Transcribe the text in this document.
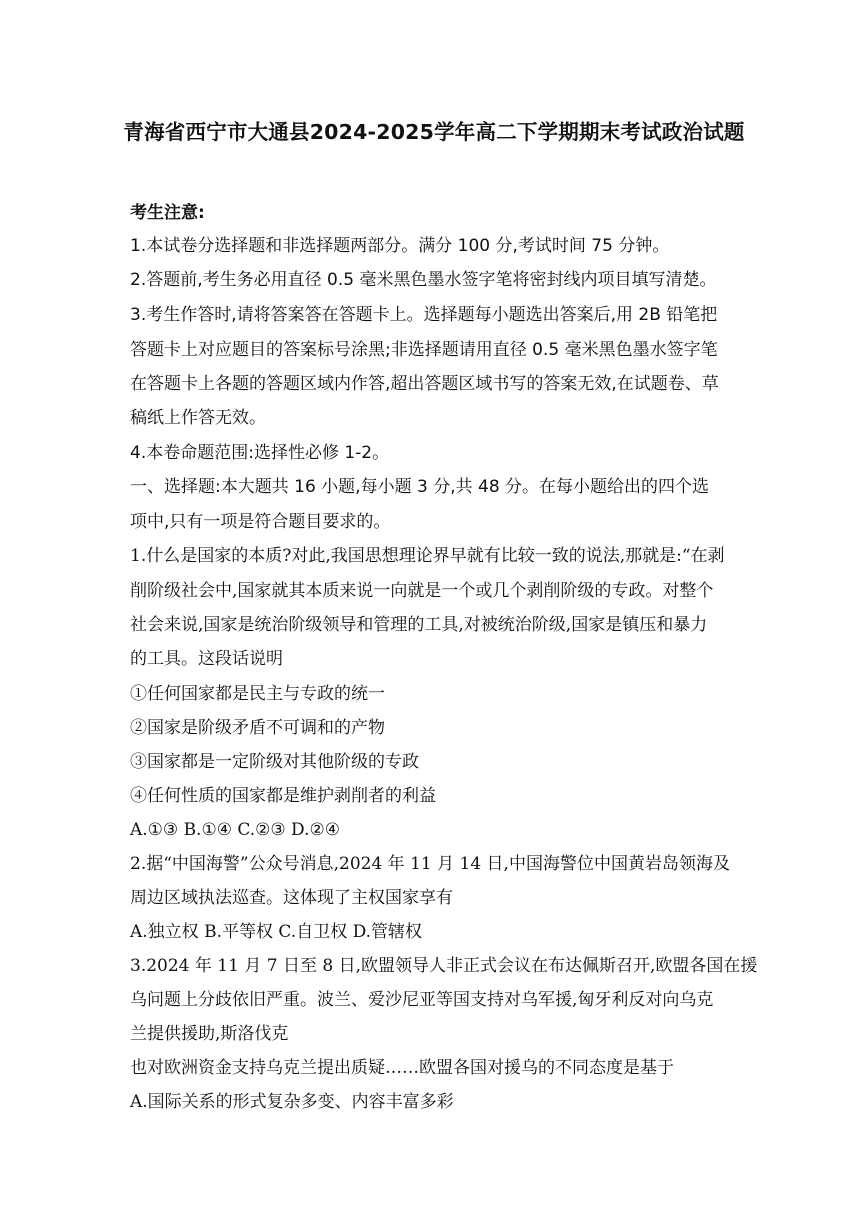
青海省西宁市大通县2024-2025学年高二下学期期末考试政治试题
考生注意:
1.本试卷分选择题和非选择题两部分。满分 100 分,考试时间 75 分钟。
2.答题前,考生务必用直径 0.5 毫米黑色墨水签字笔将密封线内项目填写清楚。
3.考生作答时,请将答案答在答题卡上。选择题每小题选出答案后,用 2B 铅笔把
答题卡上对应题目的答案标号涂黑;非选择题请用直径 0.5 毫米黑色墨水签字笔
在答题卡上各题的答题区域内作答,超出答题区域书写的答案无效,在试题卷、草
稿纸上作答无效。
4.本卷命题范围:选择性必修 1-2。
一、选择题:本大题共 16 小题,每小题 3 分,共 48 分。在每小题给出的四个选
项中,只有一项是符合题目要求的。
1.什么是国家的本质?对此,我国思想理论界早就有比较一致的说法,那就是:“在剥
削阶级社会中,国家就其本质来说一向就是一个或几个剥削阶级的专政。对整个
社会来说,国家是统治阶级领导和管理的工具,对被统治阶级,国家是镇压和暴力
的工具。这段话说明
①任何国家都是民主与专政的统一
②国家是阶级矛盾不可调和的产物
③国家都是一定阶级对其他阶级的专政
④任何性质的国家都是维护剥削者的利益
A.①③ B.①④ C.②③ D.②④
2.据“中国海警”公众号消息,2024 年 11 月 14 日,中国海警位中国黄岩岛领海及
周边区域执法巡查。这体现了主权国家享有
A.独立权 B.平等权 C.自卫权 D.管辖权
3.2024 年 11 月 7 日至 8 日,欧盟领导人非正式会议在布达佩斯召开,欧盟各国在援
乌问题上分歧依旧严重。波兰、爱沙尼亚等国支持对乌军援,匈牙利反对向乌克
兰提供援助,斯洛伐克
也对欧洲资金支持乌克兰提出质疑……欧盟各国对援乌的不同态度是基于
A.国际关系的形式复杂多变、内容丰富多彩
